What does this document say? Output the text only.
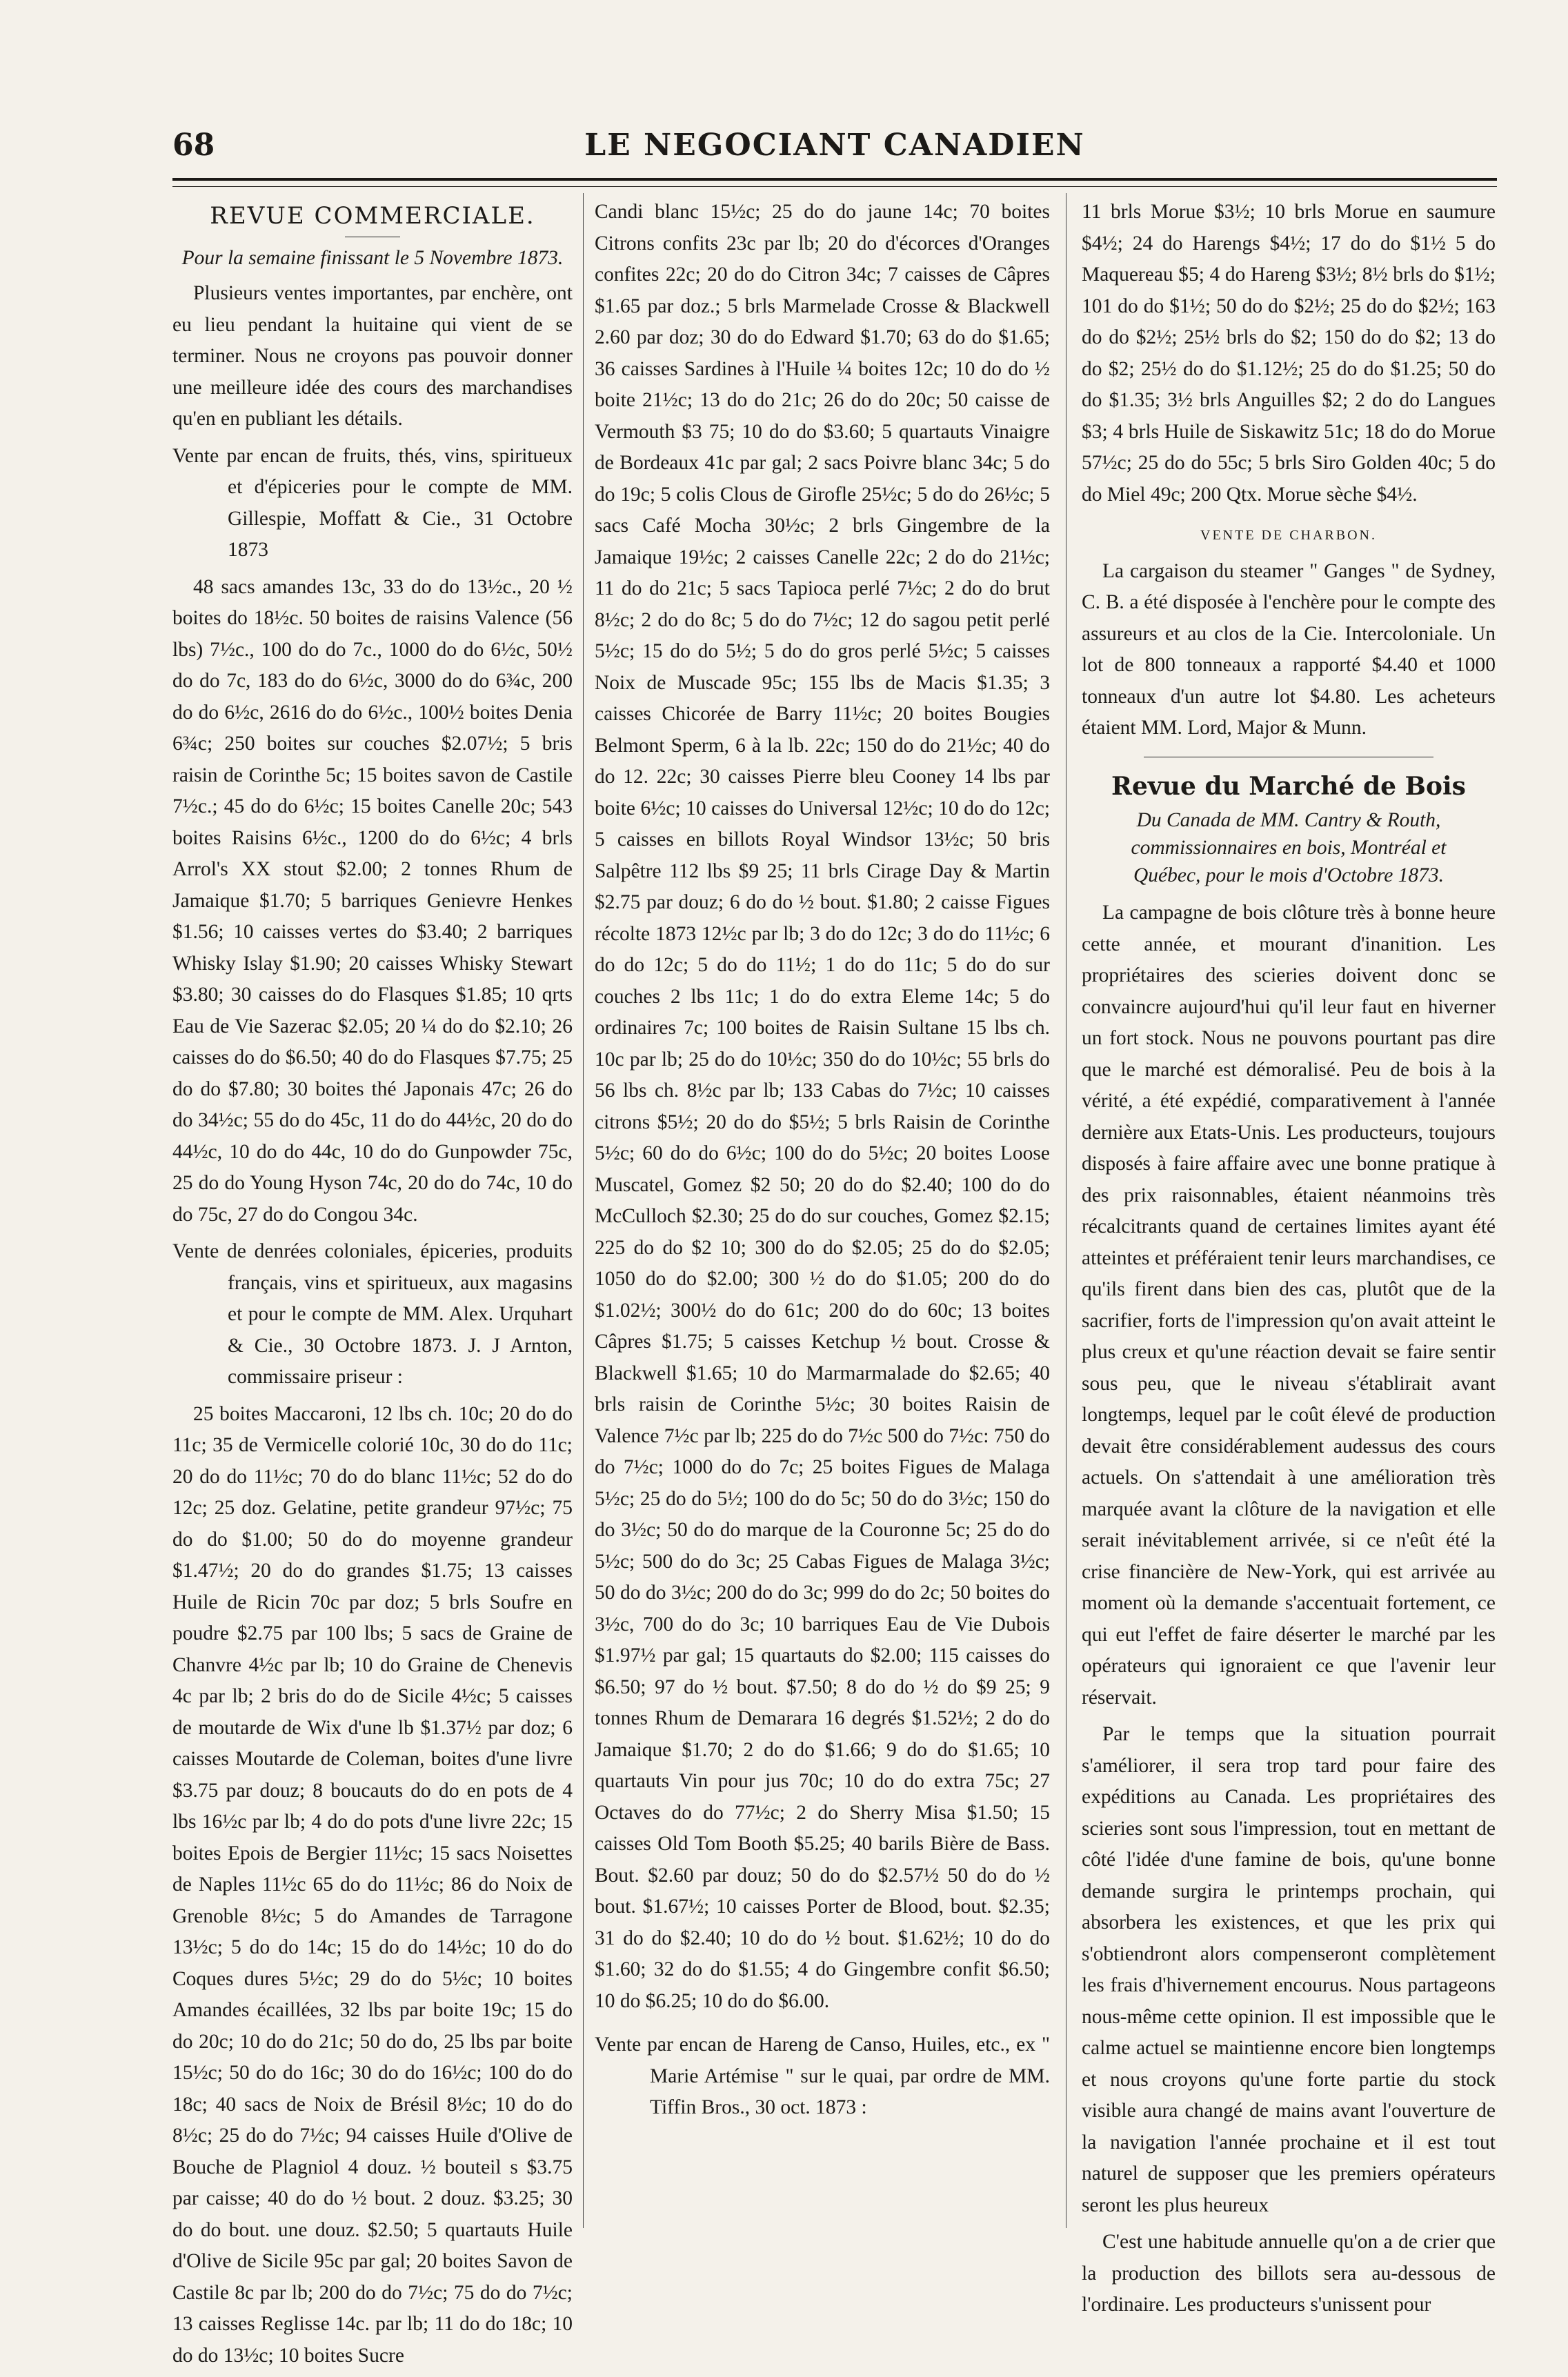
68	LE NEGOCIANT CANADIEN
REVUE COMMERCIALE.
Pour la semaine finissant le 5 Novembre 1873.

Plusieurs ventes importantes, par enchère, ont eu lieu pendant la huitaine qui vient de se terminer. Nous ne croyons pas pouvoir donner une meilleure idée des cours des marchandises qu'en en publiant les détails.

Vente par encan de fruits, thés, vins, spiritueux et d'épiceries pour le compte de MM. Gillespie, Moffatt & Cie., 31 Octobre 1873

48 sacs amandes 13c, 33 do do 13½c., 20 ½ boites do 18½c. 50 boites de raisins Valence (56 lbs) 7½c., 100 do do 7c., 1000 do do 6½c, 50½ do do 7c, 183 do do 6½c, 3000 do do 6¾c, 200 do do 6½c, 2616 do do 6½c., 100½ boites Denia 6¾c; 250 boites sur couches $2.07½; 5 bris raisin de Corinthe 5c; 15 boites savon de Castile 7½c.; 45 do do 6½c; 15 boites Canelle 20c; 543 boites Raisins 6½c., 1200 do do 6½c; 4 brls Arrol's XX stout $2.00; 2 tonnes Rhum de Jamaique $1.70; 5 barriques Genievre Henkes $1.56; 10 caisses vertes do $3.40; 2 barriques Whisky Islay $1.90; 20 caisses Whisky Stewart $3.80; 30 caisses do do Flasques $1.85; 10 qrts Eau de Vie Sazerac $2.05; 20 ¼ do do $2.10; 26 caisses do do $6.50; 40 do do Flasques $7.75; 25 do do $7.80; 30 boites thé Japonais 47c; 26 do do 34½c; 55 do do 45c, 11 do do 44½c, 20 do do 44½c, 10 do do 44c, 10 do do Gunpowder 75c, 25 do do Young Hyson 74c, 20 do do 74c, 10 do do 75c, 27 do do Congou 34c.

Vente de denrées coloniales, épiceries, produits français, vins et spiritueux, aux magasins et pour le compte de MM. Alex. Urquhart & Cie., 30 Octobre 1873. J. J Arnton, commissaire priseur :

25 boites Maccaroni, 12 lbs ch. 10c; 20 do do 11c; 35 de Vermicelle colorié 10c, 30 do do 11c; 20 do do 11½c; 70 do do blanc 11½c; 52 do do 12c; 25 doz. Gelatine, petite grandeur 97½c; 75 do do $1.00; 50 do do moyenne grandeur $1.47½; 20 do do grandes $1.75; 13 caisses Huile de Ricin 70c par doz; 5 brls Soufre en poudre $2.75 par 100 lbs; 5 sacs de Graine de Chanvre 4½c par lb; 10 do Graine de Chenevis 4c par lb; 2 bris do do de Sicile 4½c; 5 caisses de moutarde de Wix d'une lb $1.37½ par doz; 6 caisses Moutarde de Coleman, boites d'une livre $3.75 par douz; 8 boucauts do do en pots de 4 lbs 16½c par lb; 4 do do pots d'une livre 22c; 15 boites Epois de Bergier 11½c; 15 sacs Noisettes de Naples 11½c 65 do do 11½c; 86 do Noix de Grenoble 8½c; 5 do Amandes de Tarragone 13½c; 5 do do 14c; 15 do do 14½c; 10 do do Coques dures 5½c; 29 do do 5½c; 10 boites Amandes écaillées, 32 lbs par boite 19c; 15 do do 20c; 10 do do 21c; 50 do do, 25 lbs par boite 15½c; 50 do do 16c; 30 do do 16½c; 100 do do 18c; 40 sacs de Noix de Brésil 8½c; 10 do do 8½c; 25 do do 7½c; 94 caisses Huile d'Olive de Bouche de Plagniol 4 douz. ½ bouteil s $3.75 par caisse; 40 do do ½ bout. 2 douz. $3.25; 30 do do bout. une douz. $2.50; 5 quartauts Huile d'Olive de Sicile 95c par gal; 20 boites Savon de Castile 8c par lb; 200 do do 7½c; 75 do do 7½c; 13 caisses Reglisse 14c. par lb; 11 do do 18c; 10 do do 13½c; 10 boites Sucre

Candi blanc 15½c; 25 do do jaune 14c; 70 boites Citrons confits 23c par lb; 20 do d'écorces d'Oranges confites 22c; 20 do do Citron 34c; 7 caisses de Câpres $1.65 par doz.; 5 brls Marmelade Crosse & Blackwell 2.60 par doz; 30 do do Edward $1.70; 63 do do $1.65; 36 caisses Sardines à l'Huile ¼ boites 12c; 10 do do ½ boite 21½c; 13 do do 21c; 26 do do 20c; 50 caisse de Vermouth $3 75; 10 do do $3.60; 5 quartauts Vinaigre de Bordeaux 41c par gal; 2 sacs Poivre blanc 34c; 5 do do 19c; 5 colis Clous de Girofle 25½c; 5 do do 26½c; 5 sacs Café Mocha 30½c; 2 brls Gingembre de la Jamaique 19½c; 2 caisses Canelle 22c; 2 do do 21½c; 11 do do 21c; 5 sacs Tapioca perlé 7½c; 2 do do brut 8½c; 2 do do 8c; 5 do do 7½c; 12 do sagou petit perlé 5½c; 15 do do 5½; 5 do do gros perlé 5½c; 5 caisses Noix de Muscade 95c; 155 lbs de Macis $1.35; 3 caisses Chicorée de Barry 11½c; 20 boites Bougies Belmont Sperm, 6 à la lb. 22c; 150 do do 21½c; 40 do do 12. 22c; 30 caisses Pierre bleu Cooney 14 lbs par boite 6½c; 10 caisses do Universal 12½c; 10 do do 12c; 5 caisses en billots Royal Windsor 13½c; 50 bris Salpêtre 112 lbs $9 25; 11 brls Cirage Day & Martin $2.75 par douz; 6 do do ½ bout. $1.80; 2 caisse Figues récolte 1873 12½c par lb; 3 do do 12c; 3 do do 11½c; 6 do do 12c; 5 do do 11½; 1 do do 11c; 5 do do sur couches 2 lbs 11c; 1 do do extra Eleme 14c; 5 do ordinaires 7c; 100 boites de Raisin Sultane 15 lbs ch. 10c par lb; 25 do do 10½c; 350 do do 10½c; 55 brls do 56 lbs ch. 8½c par lb; 133 Cabas do 7½c; 10 caisses citrons $5½; 20 do do $5½; 5 brls Raisin de Corinthe 5½c; 60 do do 6½c; 100 do do 5½c; 20 boites Loose Muscatel, Gomez $2 50; 20 do do $2.40; 100 do do McCulloch $2.30; 25 do do sur couches, Gomez $2.15; 225 do do $2 10; 300 do do $2.05; 25 do do $2.05; 1050 do do $2.00; 300 ½ do do $1.05; 200 do do $1.02½; 300½ do do 61c; 200 do do 60c; 13 boites Câpres $1.75; 5 caisses Ketchup ½ bout. Crosse & Blackwell $1.65; 10 do Marmarmalade do $2.65; 40 brls raisin de Corinthe 5½c; 30 boites Raisin de Valence 7½c par lb; 225 do do 7½c 500 do 7½c: 750 do do 7½c; 1000 do do 7c; 25 boites Figues de Malaga 5½c; 25 do do 5½; 100 do do 5c; 50 do do 3½c; 150 do do 3½c; 50 do do marque de la Couronne 5c; 25 do do 5½c; 500 do do 3c; 25 Cabas Figues de Malaga 3½c; 50 do do 3½c; 200 do do 3c; 999 do do 2c; 50 boites do 3½c, 700 do do 3c; 10 barriques Eau de Vie Dubois $1.97½ par gal; 15 quartauts do $2.00; 115 caisses do $6.50; 97 do ½ bout. $7.50; 8 do do ½ do $9 25; 9 tonnes Rhum de Demarara 16 degrés $1.52½; 2 do do Jamaique $1.70; 2 do do $1.66; 9 do do $1.65; 10 quartauts Vin pour jus 70c; 10 do do extra 75c; 27 Octaves do do 77½c; 2 do Sherry Misa $1.50; 15 caisses Old Tom Booth $5.25; 40 barils Bière de Bass. Bout. $2.60 par douz; 50 do do $2.57½ 50 do do ½ bout. $1.67½; 10 caisses Porter de Blood, bout. $2.35; 31 do do $2.40; 10 do do ½ bout. $1.62½; 10 do do $1.60; 32 do do $1.55; 4 do Gingembre confit $6.50; 10 do $6.25; 10 do do $6.00.

Vente par encan de Hareng de Canso, Huiles, etc., ex " Marie Artémise " sur le quai, par ordre de MM. Tiffin Bros., 30 oct. 1873 :

11 brls Morue $3½; 10 brls Morue en saumure $4½; 24 do Harengs $4½; 17 do do $1½ 5 do Maquereau $5; 4 do Hareng $3½; 8½ brls do $1½; 101 do do $1½; 50 do do $2½; 25 do do $2½; 163 do do $2½; 25½ brls do $2; 150 do do $2; 13 do do $2; 25½ do do $1.12½; 25 do do $1.25; 50 do do $1.35; 3½ brls Anguilles $2; 2 do do Langues $3; 4 brls Huile de Siskawitz 51c; 18 do do Morue 57½c; 25 do do 55c; 5 brls Siro Golden 40c; 5 do do Miel 49c; 200 Qtx. Morue sèche $4½.

VENTE DE CHARBON.

La cargaison du steamer " Ganges " de Sydney, C. B. a été disposée à l'enchère pour le compte des assureurs et au clos de la Cie. Intercoloniale. Un lot de 800 tonneaux a rapporté $4.40 et 1000 tonneaux d'un autre lot $4.80. Les acheteurs étaient MM. Lord, Major & Munn.

Revue du Marché de Bois
Du Canada de MM. Cantry & Routh, commissionnaires en bois, Montréal et Québec, pour le mois d'Octobre 1873.

La campagne de bois clôture très à bonne heure cette année, et mourant d'inanition. Les propriétaires des scieries doivent donc se convaincre aujourd'hui qu'il leur faut en hiverner un fort stock. Nous ne pouvons pourtant pas dire que le marché est démoralisé. Peu de bois à la vérité, a été expédié, comparativement à l'année dernière aux Etats-Unis. Les producteurs, toujours disposés à faire affaire avec une bonne pratique à des prix raisonnables, étaient néanmoins très récalcitrants quand de certaines limites ayant été atteintes et préféraient tenir leurs marchandises, ce qu'ils firent dans bien des cas, plutôt que de la sacrifier, forts de l'impression qu'on avait atteint le plus creux et qu'une réaction devait se faire sentir sous peu, que le niveau s'établirait avant longtemps, lequel par le coût élevé de production devait être considérablement audessus des cours actuels. On s'attendait à une amélioration très marquée avant la clôture de la navigation et elle serait inévitablement arrivée, si ce n'eût été la crise financière de New-York, qui est arrivée au moment où la demande s'accentuait fortement, ce qui eut l'effet de faire déserter le marché par les opérateurs qui ignoraient ce que l'avenir leur réservait.

Par le temps que la situation pourrait s'améliorer, il sera trop tard pour faire des expéditions au Canada. Les propriétaires des scieries sont sous l'impression, tout en mettant de côté l'idée d'une famine de bois, qu'une bonne demande surgira le printemps prochain, qui absorbera les existences, et que les prix qui s'obtiendront alors compenseront complètement les frais d'hivernement encourus. Nous partageons nous-même cette opinion. Il est impossible que le calme actuel se maintienne encore bien longtemps et nous croyons qu'une forte partie du stock visible aura changé de mains avant l'ouverture de la navigation l'année prochaine et il est tout naturel de supposer que les premiers opérateurs seront les plus heureux

C'est une habitude annuelle qu'on a de crier que la production des billots sera au-dessous de l'ordinaire. Les producteurs s'unissent pour
